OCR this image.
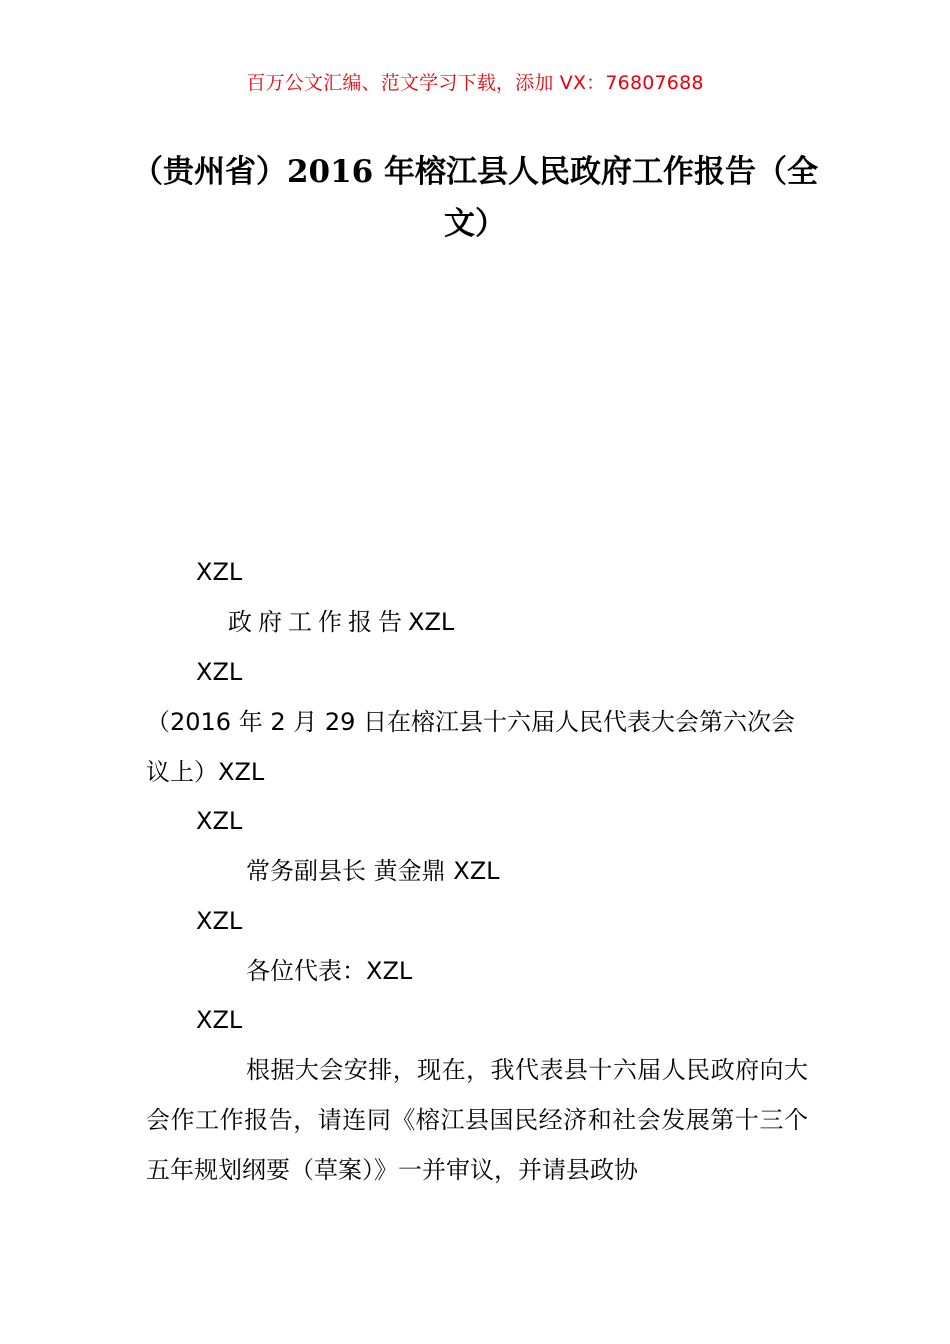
百万公文汇编、范文学习下载，添加 VX：76807688
（贵州省）2016 年榕江县人民政府工作报告（全文）
XZL
政府工作报告XZL
XZL
（2016 年 2 月 29 日在榕江县十六届人民代表大会第六次会议上）XZL
XZL
常务副县长 黄金鼎 XZL
XZL
各位代表：XZL
XZL
根据大会安排，现在，我代表县十六届人民政府向大会作工作报告，请连同《榕江县国民经济和社会发展第十三个五年规划纲要（草案）》一并审议，并请县政协
